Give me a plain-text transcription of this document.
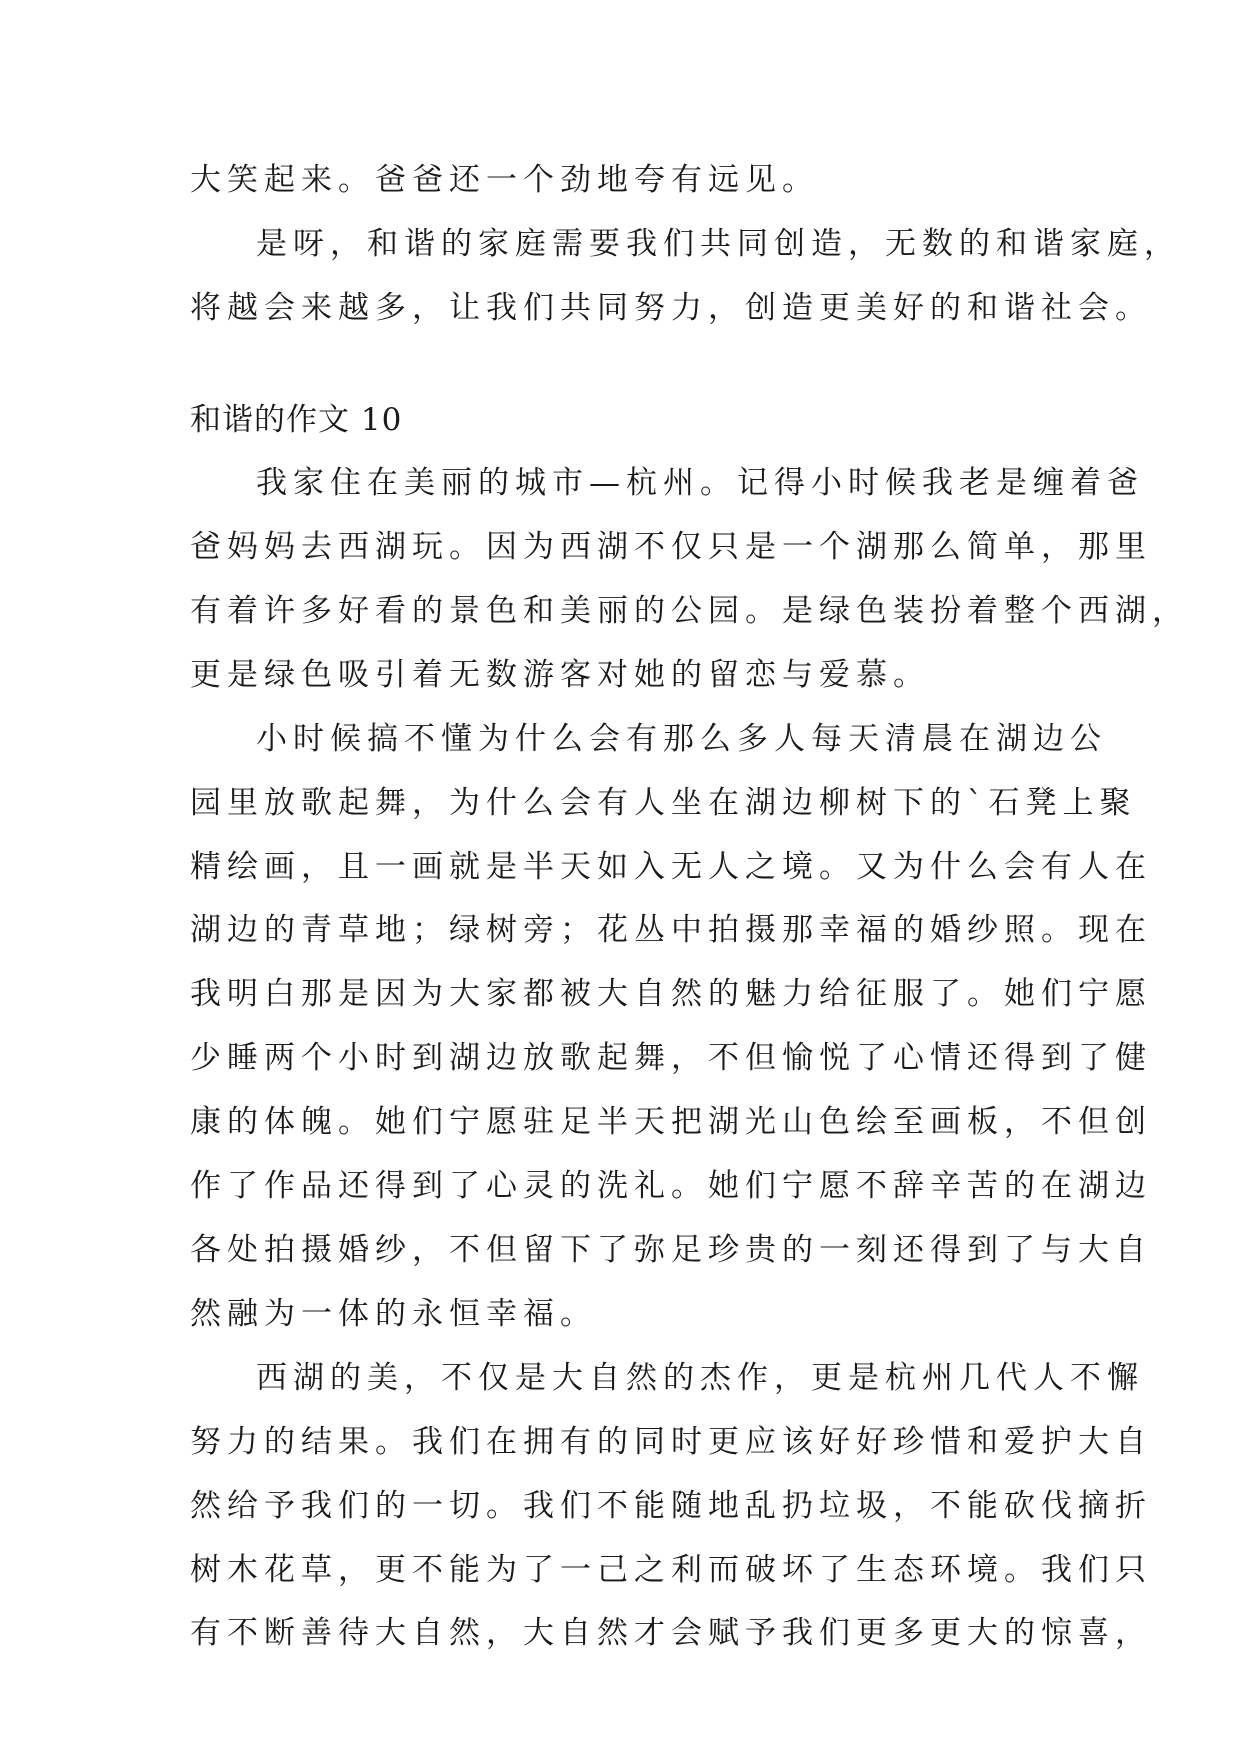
大笑起来。爸爸还一个劲地夸有远见。

是呀，和谐的家庭需要我们共同创造，无数的和谐家庭，

将越会来越多，让我们共同努力，创造更美好的和谐社会。

和谐的作文 10

我家住在美丽的城市—杭州。记得小时候我老是缠着爸

爸妈妈去西湖玩。因为西湖不仅只是一个湖那么简单，那里

有着许多好看的景色和美丽的公园。是绿色装扮着整个西湖，

更是绿色吸引着无数游客对她的留恋与爱慕。

小时候搞不懂为什么会有那么多人每天清晨在湖边公

园里放歌起舞，为什么会有人坐在湖边柳树下的`石凳上聚

精绘画，且一画就是半天如入无人之境。又为什么会有人在

湖边的青草地；绿树旁；花丛中拍摄那幸福的婚纱照。现在

我明白那是因为大家都被大自然的魅力给征服了。她们宁愿

少睡两个小时到湖边放歌起舞，不但愉悦了心情还得到了健

康的体魄。她们宁愿驻足半天把湖光山色绘至画板，不但创

作了作品还得到了心灵的洗礼。她们宁愿不辞辛苦的在湖边

各处拍摄婚纱，不但留下了弥足珍贵的一刻还得到了与大自

然融为一体的永恒幸福。

西湖的美，不仅是大自然的杰作，更是杭州几代人不懈

努力的结果。我们在拥有的同时更应该好好珍惜和爱护大自

然给予我们的一切。我们不能随地乱扔垃圾，不能砍伐摘折

树木花草，更不能为了一己之利而破坏了生态环境。我们只

有不断善待大自然，大自然才会赋予我们更多更大的惊喜，
